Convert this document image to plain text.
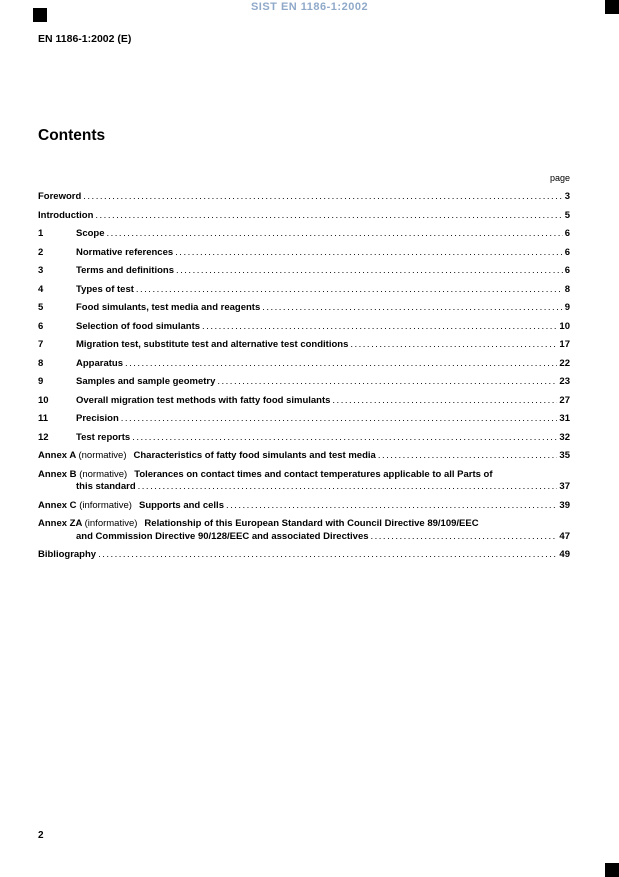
SIST EN 1186-1:2002
EN 1186-1:2002 (E)
Contents
page
Foreword .....	3
Introduction .....	5
1	Scope .....	6
2	Normative references .....	6
3	Terms and definitions .....	6
4	Types of test .....	8
5	Food simulants, test media and reagents .....	9
6	Selection of food simulants .....	10
7	Migration test, substitute test and alternative test conditions .....	17
8	Apparatus .....	22
9	Samples and sample geometry .....	23
10	Overall migration test methods with fatty food simulants .....	27
11	Precision .....	31
12	Test reports .....	32
Annex A (normative) Characteristics of fatty food simulants and test media .....	35
Annex B (normative) Tolerances on contact times and contact temperatures applicable to all Parts of
this standard .....	37
Annex C (informative) Supports and cells .....	39
Annex ZA (informative) Relationship of this European Standard with Council Directive 89/109/EEC
and Commission Directive 90/128/EEC and associated Directives .....	47
Bibliography .....	49
2
